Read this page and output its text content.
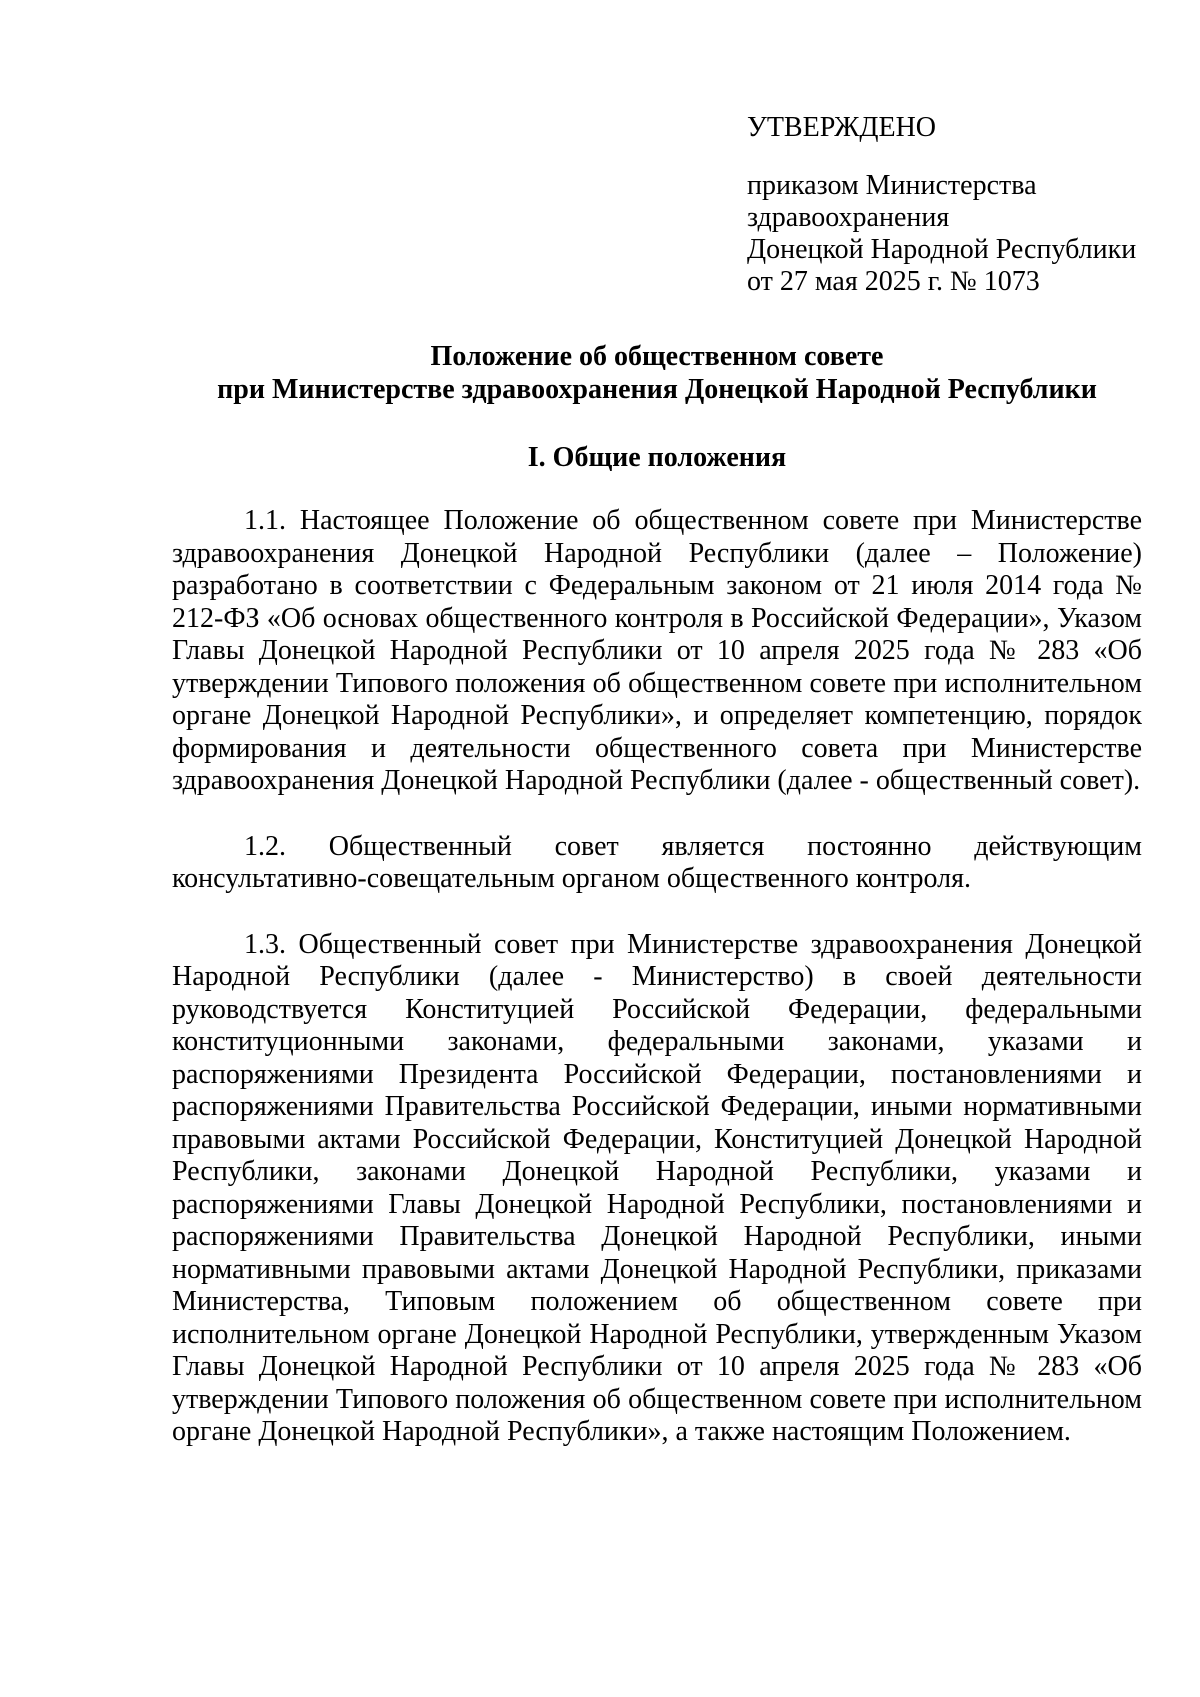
УТВЕРЖДЕНО
приказом Министерства
здравоохранения
Донецкой Народной Республики
от 27 мая 2025 г. № 1073
Положение об общественном совете
при Министерстве здравоохранения Донецкой Народной Республики
I. Общие положения

1.1. Настоящее Положение об общественном совете при Министерстве здравоохранения Донецкой Народной Республики (далее – Положение) разработано в соответствии с Федеральным законом от 21 июля 2014 года № 212-ФЗ «Об основах общественного контроля в Российской Федерации», Указом Главы Донецкой Народной Республики от 10 апреля 2025 года № 283 «Об утверждении Типового положения об общественном совете при исполнительном органе Донецкой Народной Республики», и определяет компетенцию, порядок формирования и деятельности общественного совета при Министерстве здравоохранения Донецкой Народной Республики (далее - общественный совет).

1.2. Общественный совет является постоянно действующим консультативно-совещательным органом общественного контроля.

1.3. Общественный совет при Министерстве здравоохранения Донецкой Народной Республики (далее - Министерство) в своей деятельности руководствуется Конституцией Российской Федерации, федеральными конституционными законами, федеральными законами, указами и распоряжениями Президента Российской Федерации, постановлениями и распоряжениями Правительства Российской Федерации, иными нормативными правовыми актами Российской Федерации, Конституцией Донецкой Народной Республики, законами Донецкой Народной Республики, указами и распоряжениями Главы Донецкой Народной Республики, постановлениями и распоряжениями Правительства Донецкой Народной Республики, иными нормативными правовыми актами Донецкой Народной Республики, приказами Министерства, Типовым положением об общественном совете при исполнительном органе Донецкой Народной Республики, утвержденным Указом Главы Донецкой Народной Республики от 10 апреля 2025 года № 283 «Об утверждении Типового положения об общественном совете при исполнительном органе Донецкой Народной Республики», а также настоящим Положением.
